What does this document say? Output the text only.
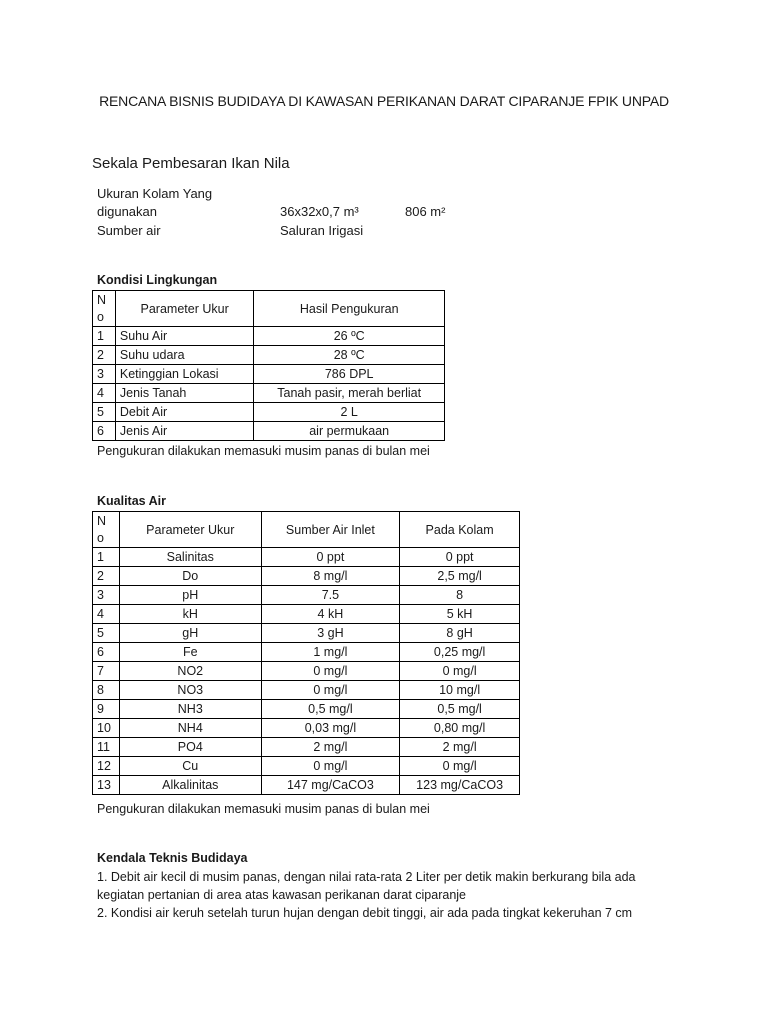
RENCANA BISNIS BUDIDAYA DI KAWASAN PERIKANAN DARAT CIPARANJE FPIK UNPAD
Sekala Pembesaran Ikan Nila
Ukuran Kolam Yang
digunakan	36x32x0,7 m³	806 m²
Sumber air	Saluran Irigasi
Kondisi Lingkungan
N o	Parameter Ukur	Hasil Pengukuran
1	Suhu Air	26 ºC
2	Suhu udara	28 ºC
3	Ketinggian Lokasi	786 DPL
4	Jenis Tanah	Tanah pasir, merah berliat
5	Debit Air	2 L
6	Jenis Air	air permukaan
Pengukuran dilakukan memasuki musim panas di bulan mei
Kualitas Air
N o	Parameter Ukur	Sumber Air Inlet	Pada Kolam
1	Salinitas	0 ppt	0 ppt
2	Do	8 mg/l	2,5 mg/l
3	pH	7.5	8
4	kH	4 kH	5 kH
5	gH	3 gH	8 gH
6	Fe	1 mg/l	0,25 mg/l
7	NO2	0 mg/l	0 mg/l
8	NO3	0 mg/l	10 mg/l
9	NH3	0,5 mg/l	0,5 mg/l
10	NH4	0,03 mg/l	0,80 mg/l
11	PO4	2 mg/l	2 mg/l
12	Cu	0 mg/l	0 mg/l
13	Alkalinitas	147 mg/CaCO3	123 mg/CaCO3
Pengukuran dilakukan memasuki musim panas di bulan mei
Kendala Teknis Budidaya
1. Debit air kecil di musim panas, dengan nilai rata-rata 2 Liter per detik makin berkurang bila ada
kegiatan pertanian di area atas kawasan perikanan darat ciparanje
2. Kondisi air keruh setelah turun hujan dengan debit tinggi, air ada pada tingkat kekeruhan 7 cm
